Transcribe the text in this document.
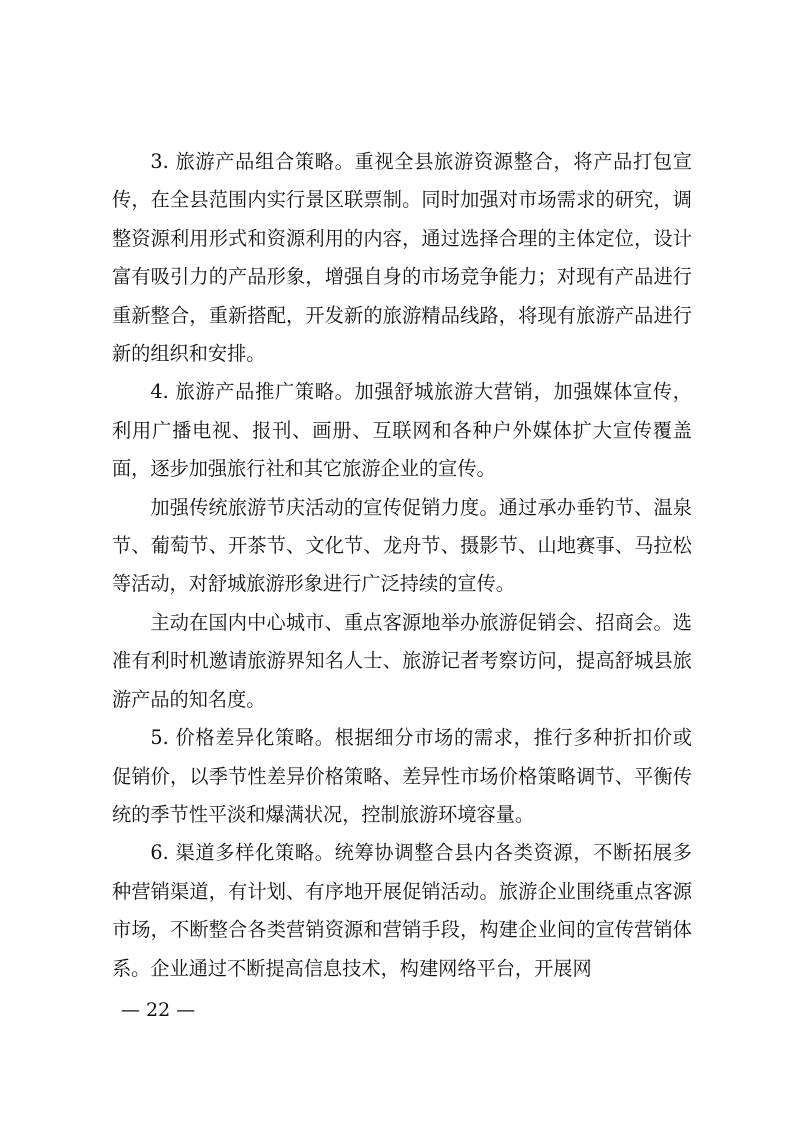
3. 旅游产品组合策略。重视全县旅游资源整合，将产品打包宣传，在全县范围内实行景区联票制。同时加强对市场需求的研究，调整资源利用形式和资源利用的内容，通过选择合理的主体定位，设计富有吸引力的产品形象，增强自身的市场竞争能力；对现有产品进行重新整合，重新搭配，开发新的旅游精品线路，将现有旅游产品进行新的组织和安排。

4. 旅游产品推广策略。加强舒城旅游大营销，加强媒体宣传，利用广播电视、报刊、画册、互联网和各种户外媒体扩大宣传覆盖面，逐步加强旅行社和其它旅游企业的宣传。

加强传统旅游节庆活动的宣传促销力度。通过承办垂钓节、温泉节、葡萄节、开茶节、文化节、龙舟节、摄影节、山地赛事、马拉松等活动，对舒城旅游形象进行广泛持续的宣传。

主动在国内中心城市、重点客源地举办旅游促销会、招商会。选准有利时机邀请旅游界知名人士、旅游记者考察访问，提高舒城县旅游产品的知名度。

5. 价格差异化策略。根据细分市场的需求，推行多种折扣价或促销价，以季节性差异价格策略、差异性市场价格策略调节、平衡传统的季节性平淡和爆满状况，控制旅游环境容量。

6. 渠道多样化策略。统筹协调整合县内各类资源，不断拓展多种营销渠道，有计划、有序地开展促销活动。旅游企业围绕重点客源市场，不断整合各类营销资源和营销手段，构建企业间的宣传营销体系。企业通过不断提高信息技术，构建网络平台，开展网

— 22 —
